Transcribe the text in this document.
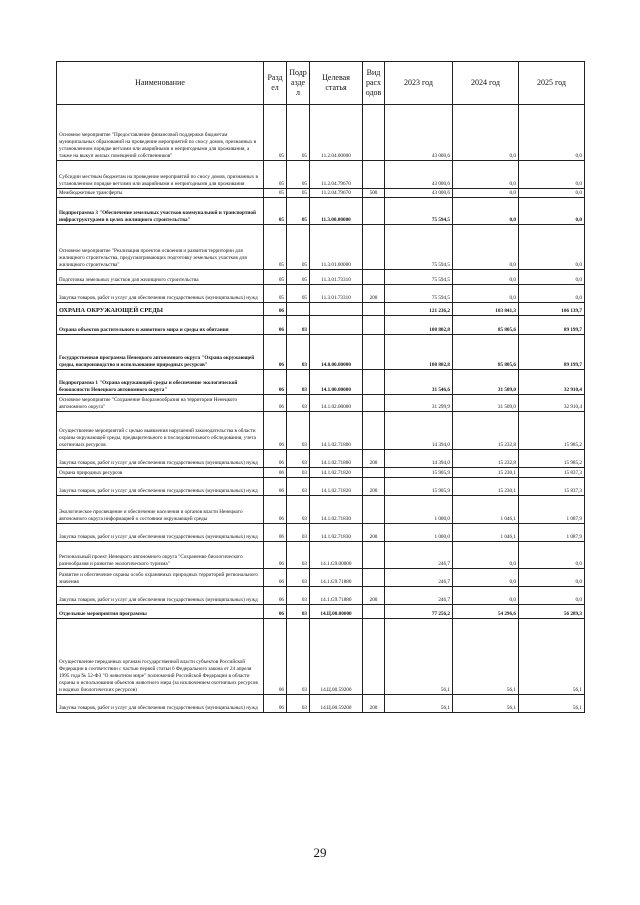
Наименование	Разд ел	Подр азде л	Целевая статья	Вид расх одов	2023 год	2024 год	2025 год
Основное мероприятие "Предоставление финансовой поддержки бюджетам муниципальных образований на проведение мероприятий по сносу домов, признанных в установленном порядке ветхими или аварийными и непригодными для проживания, а также на выкуп жилых помещений собственников"	05	05	11.2.04.00000		43 000,6	0,0	0,0
Субсидии местным бюджетам на проведение мероприятий по сносу домов, признанных в установленном порядке ветхими или аварийными и непригодными для проживания	05	05	11.2.04.79670		43 000,6	0,0	0,0
Межбюджетные трансферты	05	05	11.2.04.79670	500	43 000,6	0,0	0,0
Подпрограмма 3 "Обеспечение земельных участков коммунальной и транспортной инфраструктурами в целях жилищного строительства"	05	05	11.3.00.00000		75 594,5	0,0	0,0
Основное мероприятие "Реализация проектов освоения и развития территории для жилищного строительства, предусматривающих подготовку земельных участков для жилищного строительства"	05	05	11.3.01.00000		75 594,5	0,0	0,0
Подготовка земельных участков для жилищного строительства	05	05	11.3.01.73310		75 594,5	0,0	0,0
Закупка товаров, работ и услуг для обеспечения государственных (муниципальных) нужд	05	05	11.3.01.73310	200	75 594,5	0,0	0,0
ОХРАНА ОКРУЖАЮЩЕЙ СРЕДЫ	06				121 236,2	103 841,3	106 139,7
Охрана объектов растительного и животного мира и среды их обитания	06	03			108 802,8	85 805,6	89 199,7
Государственная программа Ненецкого автономного округа "Охрана окружающей среды, воспроизводство и использование природных ресурсов"	06	03	14.0.00.00000		108 802,8	85 805,6	89 199,7
Подпрограмма 1 "Охрана окружающей среды и обеспечение экологической безопасности Ненецкого автономного округа"	06	03	14.1.00.00000		31 546,6	31 509,0	32 910,4
Основное мероприятие "Сохранение биоразнообразия на территории Ненецкого автономного округа"	06	03	14.1.02.00000		31 299,9	31 509,0	32 910,4
Осуществление мероприятий с целью выявления нарушений законодательства в области охраны окружающей среды, предварительного и последовательного обследования, учета охотничьих ресурсов	06	03	14.1.02.71800		14 394,0	15 232,8	15 985,2
Закупка товаров, работ и услуг для обеспечения государственных (муниципальных) нужд	06	03	14.1.02.71800	200	14 394,0	15 232,8	15 985,2
Охрана природных ресурсов	06	03	14.1.02.71820		15 905,9	15 230,1	15 837,3
Закупка товаров, работ и услуг для обеспечения государственных (муниципальных) нужд	06	03	14.1.02.71820	200	15 905,9	15 230,1	15 837,3
Экологическое просвещение и обеспечение населения и органов власти Ненецкого автономного округа информацией о состоянии окружающей среды	06	03	14.1.02.71830		1 000,0	1 046,1	1 087,9
Закупка товаров, работ и услуг для обеспечения государственных (муниципальных) нужд	06	03	14.1.02.71830	200	1 000,0	1 046,1	1 087,9
Региональный проект Ненецкого автономного округа "Сохранение биологического разнообразия и развитие экологического туризма"	06	03	14.1.G9.00000		246,7	0,0	0,0
Развитие и обеспечение охраны особо охраняемых природных территорий регионального значения	06	03	14.1.G9.71880		246,7	0,0	0,0
Закупка товаров, работ и услуг для обеспечения государственных (муниципальных) нужд	06	03	14.1.G9.71880	200	246,7	0,0	0,0
Отдельные мероприятия программы	06	03	14.Ц.00.00000		77 256,2	54 296,6	56 289,3
Осуществление переданных органам государственной власти субъектов Российской Федерации в соответствии с частью первой статьи 6 Федерального закона от 24 апреля 1995 года № 52-ФЗ "О животном мире" полномочий Российской Федерации в области охраны и использования объектов животного мира (за исключением охотничьих ресурсов и водных биологических ресурсов)	06	03	14.Ц.00.59200		56,1	56,1	56,1
Закупка товаров, работ и услуг для обеспечения государственных (муниципальных) нужд	06	03	14.Ц.00.59200	200	56,1	56,1	56,1
29
